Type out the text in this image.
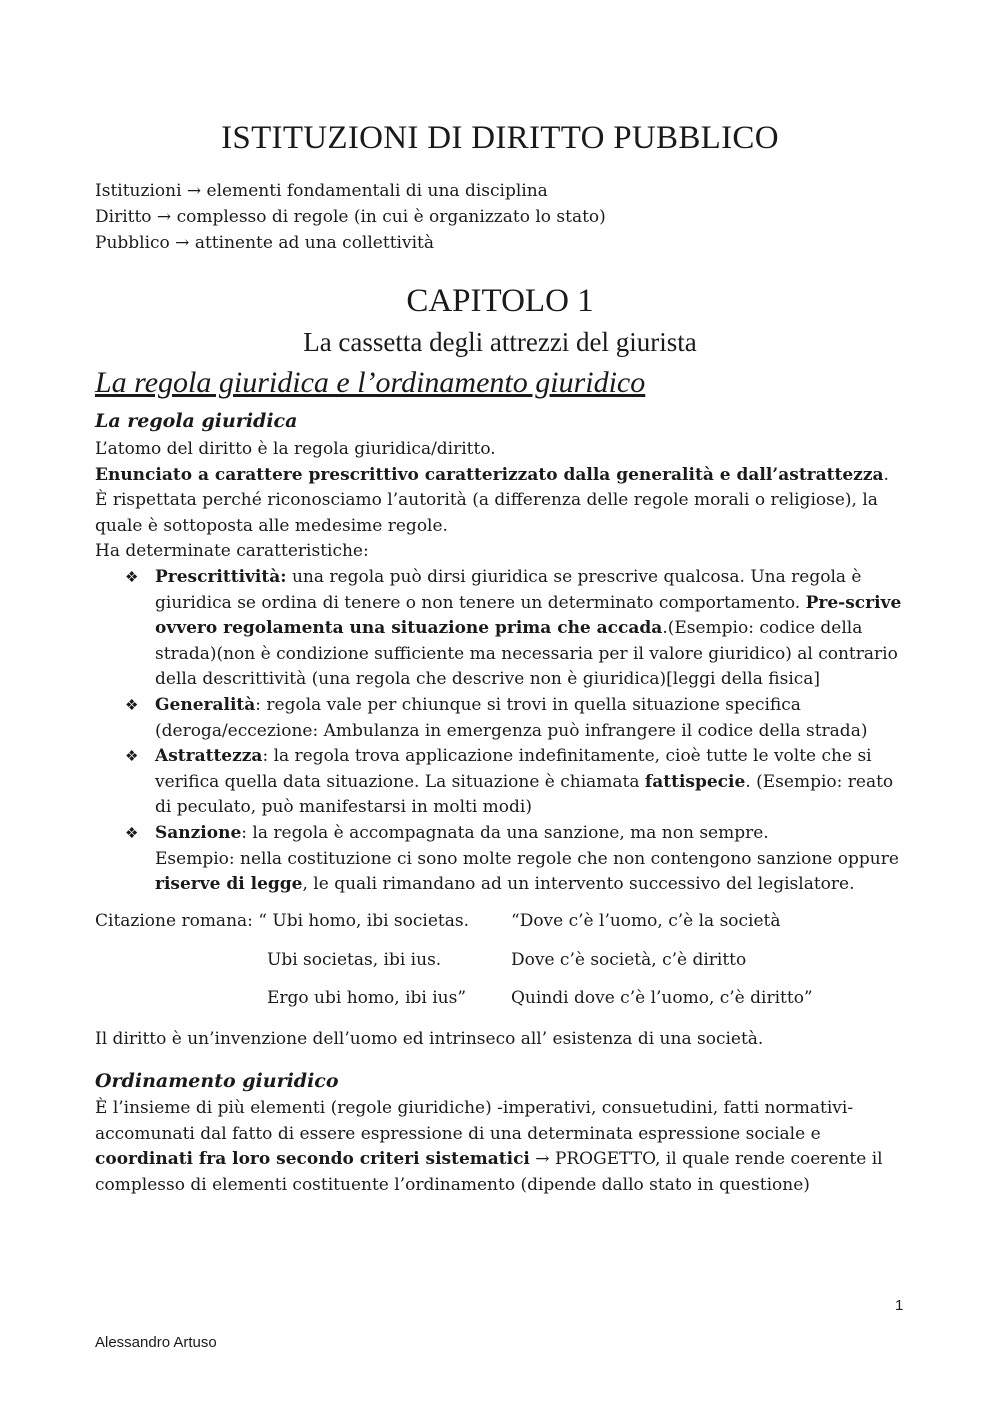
ISTITUZIONI DI DIRITTO PUBBLICO
Istituzioni → elementi fondamentali di una disciplina
Diritto → complesso di regole (in cui è organizzato lo stato)
Pubblico → attinente ad una collettività
CAPITOLO 1
La cassetta degli attrezzi del giurista
La regola giuridica e l’ordinamento giuridico
La regola giuridica
L’atomo del diritto è la regola giuridica/diritto.
Enunciato a carattere prescrittivo caratterizzato dalla generalità e dall’astrattezza. È rispettata perché riconosciamo l’autorità (a differenza delle regole morali o religiose), la quale è sottoposta alle medesime regole.
Ha determinate caratteristiche:
❖ Prescrittività: una regola può dirsi giuridica se prescrive qualcosa. Una regola è giuridica se ordina di tenere o non tenere un determinato comportamento. Pre-scrive ovvero regolamenta una situazione prima che accada.(Esempio: codice della strada)(non è condizione sufficiente ma necessaria per il valore giuridico) al contrario della descrittività (una regola che descrive non è giuridica)[leggi della fisica]
❖ Generalità: regola vale per chiunque si trovi in quella situazione specifica (deroga/eccezione: Ambulanza in emergenza può infrangere il codice della strada)
❖ Astrattezza: la regola trova applicazione indefinitamente, cioè tutte le volte che si verifica quella data situazione. La situazione è chiamata fattispecie. (Esempio: reato di peculato, può manifestarsi in molti modi)
❖ Sanzione: la regola è accompagnata da una sanzione, ma non sempre.
Esempio: nella costituzione ci sono molte regole che non contengono sanzione oppure riserve di legge, le quali rimandano ad un intervento successivo del legislatore.
Citazione romana: “ Ubi homo, ibi societas. “Dove c’è l’uomo, c’è la società
Ubi societas, ibi ius.	Dove c’è società, c’è diritto
Ergo ubi homo, ibi ius”	Quindi dove c’è l’uomo, c’è diritto”
Il diritto è un’invenzione dell’uomo ed intrinseco all’ esistenza di una società.
Ordinamento giuridico
È l’insieme di più elementi (regole giuridiche) -imperativi, consuetudini, fatti normativi- accomunati dal fatto di essere espressione di una determinata espressione sociale e coordinati fra loro secondo criteri sistematici → PROGETTO, il quale rende coerente il complesso di elementi costituente l’ordinamento (dipende dallo stato in questione)
1
Alessandro Artuso
